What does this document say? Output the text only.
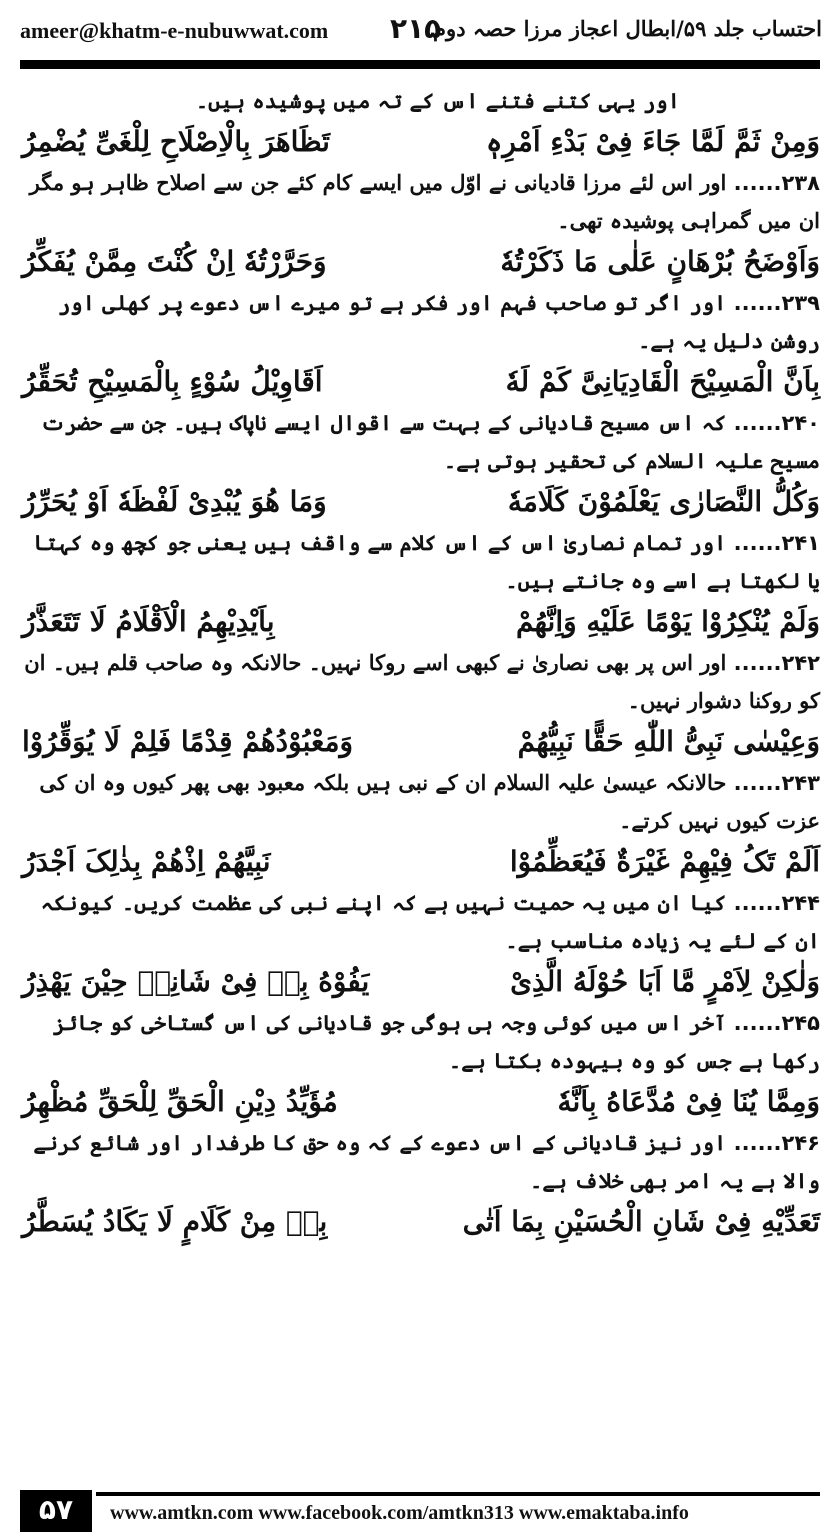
ameer@khatm-e-nubuwwat.com ۲۱۵
احتساب جلد ۵۹/ابطال اعجاز مرزا حصہ دوم
اور یہی کتنے فتنے اس کے تہ میں پوشیدہ ہیں۔
وَمِنْ ثَمَّ لَمَّا جَاءَ فِیْ بَدْءِ اَمْرِہٖ
تَظَاهَرَ بِالْاِصْلَاحِ لِلْغَیِّ یُضْمِرُ
۲۳۸...... اور اس لئے مرزا قادیانی نے اوّل میں ایسے کام کئے جن سے اصلاح ظاہر ہو مگر ان میں گمراہی پوشیدہ تھی۔
وَاَوْضَحُ بُرْهَانٍ عَلٰی مَا ذَکَرْتُهٗ
وَحَرَّرْتُهٗ اِنْ کُنْتَ مِمَّنْ یُفَکِّرُ
۲۳۹...... اور اگر تو صاحب فہم اور فکر ہے تو میرے اس دعوے پر کھلی اور روشن دلیل یہ ہے۔
بِاَنَّ الْمَسِیْحَ الْقَادِیَانِیَّ کَمْ لَهٗ
اَقَاوِیْلُ سُوْءٍ بِالْمَسِیْحِ تُحَقِّرُ
۲۴۰...... کہ اس مسیح قادیانی کے بہت سے اقوال ایسے ناپاک ہیں۔ جن سے حضرت مسیح علیہ السلام کی تحقیر ہوتی ہے۔
وَکُلُّ النَّصَارٰی یَعْلَمُوْنَ کَلَامَهٗ
وَمَا هُوَ یُبْدِیْ لَفْظَهٗ اَوْ یُحَرِّرُ
۲۴۱...... اور تمام نصاریٰ اس کے اس کلام سے واقف ہیں یعنی جو کچھ وہ کہتا یا لکھتا ہے اسے وہ جانتے ہیں۔
وَلَمْ یُنْکِرُوْا یَوْمًا عَلَیْهِ وَاِنَّهُمْ
بِاَیْدِیْهِمُ الْاَقْلَامُ لَا تَتَعَذَّرُ
۲۴۲...... اور اس پر بھی نصاریٰ نے کبھی اسے روکا نہیں۔ حالانکہ وہ صاحب قلم ہیں۔ ان کو روکنا دشوار نہیں۔
وَعِیْسٰی نَبِیُّ اللّٰهِ حَقًّا نَبِیُّهُمْ
وَمَعْبُوْدُهُمْ قِدْمًا فَلِمْ لَا یُوَقِّرُوْا
۲۴۳...... حالانکہ عیسیٰ علیہ السلام ان کے نبی ہیں بلکہ معبود بھی پھر کیوں وہ ان کی عزت کیوں نہیں کرتے۔
اَلَمْ تَکُ فِیْهِمْ غَیْرَةٌ فَیُعَظِّمُوْا
نَبِیَّهُمْ اِذْهُمْ بِذٰلِکَ اَجْدَرُ
۲۴۴...... کیا ان میں یہ حمیت نہیں ہے کہ اپنے نبی کی عظمت کریں۔ کیونکہ ان کے لئے یہ زیادہ مناسب ہے۔
وَلٰکِنْ لِاَمْرٍ مَّا اَبَا حُوْلَهُ الَّذِیْ
یَفُوْهُ بِهٖ فِیْ شَانِهٖ حِیْنَ یَهْذِرُ
۲۴۵...... آخر اس میں کوئی وجہ ہی ہوگی جو قادیانی کی اس گستاخی کو جائز رکھا ہے جس کو وہ بیہودہ بکتا ہے۔
وَمِمَّا یُنَا فِیْ مُدَّعَاهُ بِاَنَّهٗ
مُؤَیِّدُ دِیْنِ الْحَقِّ لِلْحَقِّ مُظْهِرُ
۲۴۶...... اور نیز قادیانی کے اس دعوے کے کہ وہ حق کا طرفدار اور شائع کرنے والا ہے یہ امر بھی خلاف ہے۔
تَعَدِّیْهِ فِیْ شَانِ الْحُسَیْنِ بِمَا اَتٰی
بِهٖ مِنْ کَلَامٍ لَا یَکَادُ یُسَطَّرُ
۵۷	www.amtkn.com www.facebook.com/amtkn313 www.emaktaba.info
